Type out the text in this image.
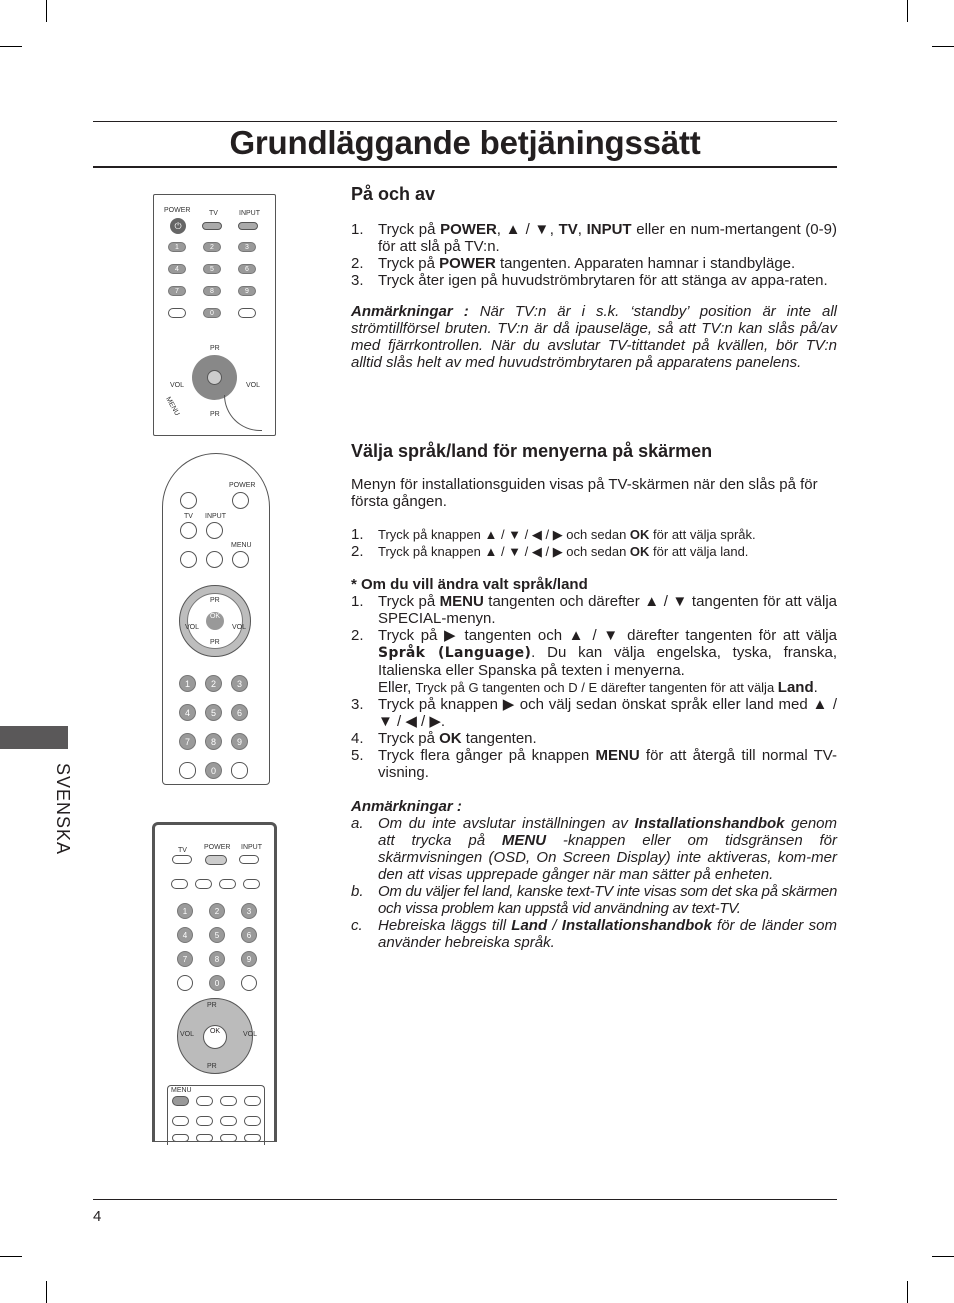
Grundläggande betjäningssätt
SVENSKA
4
POWER	TV	INPUT
⏻
1	2	3
4	5	6
7	8	9
0
PR
VOL	VOL
MENU	PR
POWER
TV INPUT
MENU
PR
OK
VOL	VOL
PR
1	2	3
4	5	6
7	8	9
0
TV POWER INPUT
1	2	3
4	5	6
7	8	9
0
PR
VOL	VOL
OK
PR
MENU
På och av
1. Tryck på POWER, ▲ / ▼, TV, INPUT eller en num-mertangent (0-9) för att slå på TV:n.
2. Tryck på POWER tangenten. Apparaten hamnar i standbyläge.
3. Tryck åter igen på huvudströmbrytaren för att stänga av appa-raten.

Anmärkningar : När TV:n är i s.k. ‘standby’ position är inte all strömtillförsel bruten. TV:n är då ipauseläge, så att TV:n kan slås på/av med fjärrkontrollen. När du avslutar TV-tittandet på kvällen, bör TV:n alltid slås helt av med huvudströmbrytaren på apparatens panelens.

Välja språk/land för menyerna på skärmen

Menyn för installationsguiden visas på TV-skärmen när den slås på för första gången.

1. Tryck på knappen ▲ / ▼ / ◀ / ▶ och sedan OK för att välja språk.
2. Tryck på knappen ▲ / ▼ / ◀ / ▶ och sedan OK för att välja land.

* Om du vill ändra valt språk/land

1. Tryck på MENU tangenten och därefter ▲ / ▼ tangenten för att välja SPECIAL-menyn.
2. Tryck på ▶ tangenten och ▲ / ▼ därefter tangenten för att välja Språk (Language). Du kan välja engelska, tyska, franska, Italienska eller Spanska på texten i menyerna.
Eller, Tryck på G tangenten och D / E därefter tangenten för att välja Land.
3. Tryck på knappen ▶ och välj sedan önskat språk eller land med ▲ / ▼ / ◀ / ▶.
4. Tryck på OK tangenten.
5. Tryck flera gånger på knappen MENU för att återgå till normal TV-visning.

Anmärkningar :

a. Om du inte avslutar inställningen av Installationshandbok genom att trycka på MENU -knappen eller om tidsgränsen för skärmvisningen (OSD, On Screen Display) inte aktiveras, kom-mer den att visas upprepade gånger när man sätter på enheten.
b. Om du väljer fel land, kanske text-TV inte visas som det ska på skärmen och vissa problem kan uppstå vid användning av text-TV.
c. Hebreiska läggs till Land / Installationshandbok för de länder som använder hebreiska språk.
